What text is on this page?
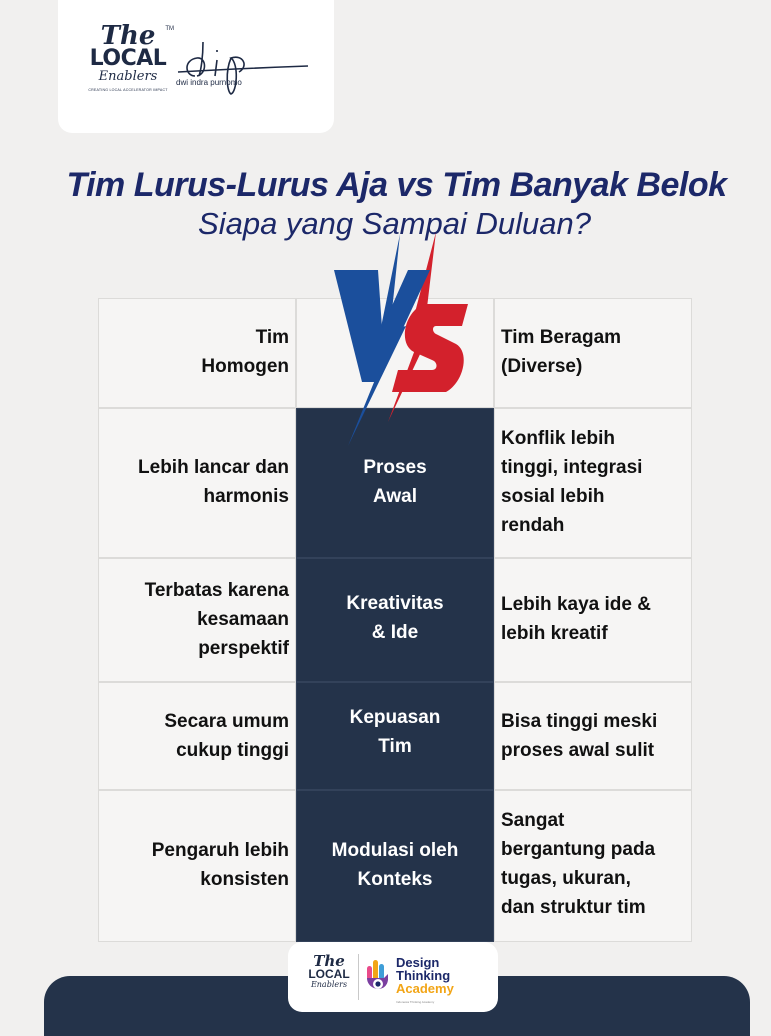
The
LOCAL
Enablers
CREATING LOCAL ACCELERATOR IMPACT
TM
dwi indra purnomo
Tim Lurus-Lurus Aja vs Tim Banyak Belok
Siapa yang Sampai Duluan?
Tim
Homogen
Tim Beragam
(Diverse)
Lebih lancar dan
harmonis
Proses
Awal
Konflik lebih
tinggi, integrasi
sosial lebih
rendah
Terbatas karena
kesamaan
perspektif
Kreativitas
& Ide
Lebih kaya ide &
lebih kreatif
Secara umum
cukup tinggi
Kepuasan
Tim
Bisa tinggi meski
proses awal sulit
Pengaruh lebih
konsisten
Modulasi oleh
Konteks
Sangat
bergantung pada
tugas, ukuran,
dan struktur tim
The
LOCAL
Enablers
Design
Thinking
Academy
Indonesia Thinking Academy
